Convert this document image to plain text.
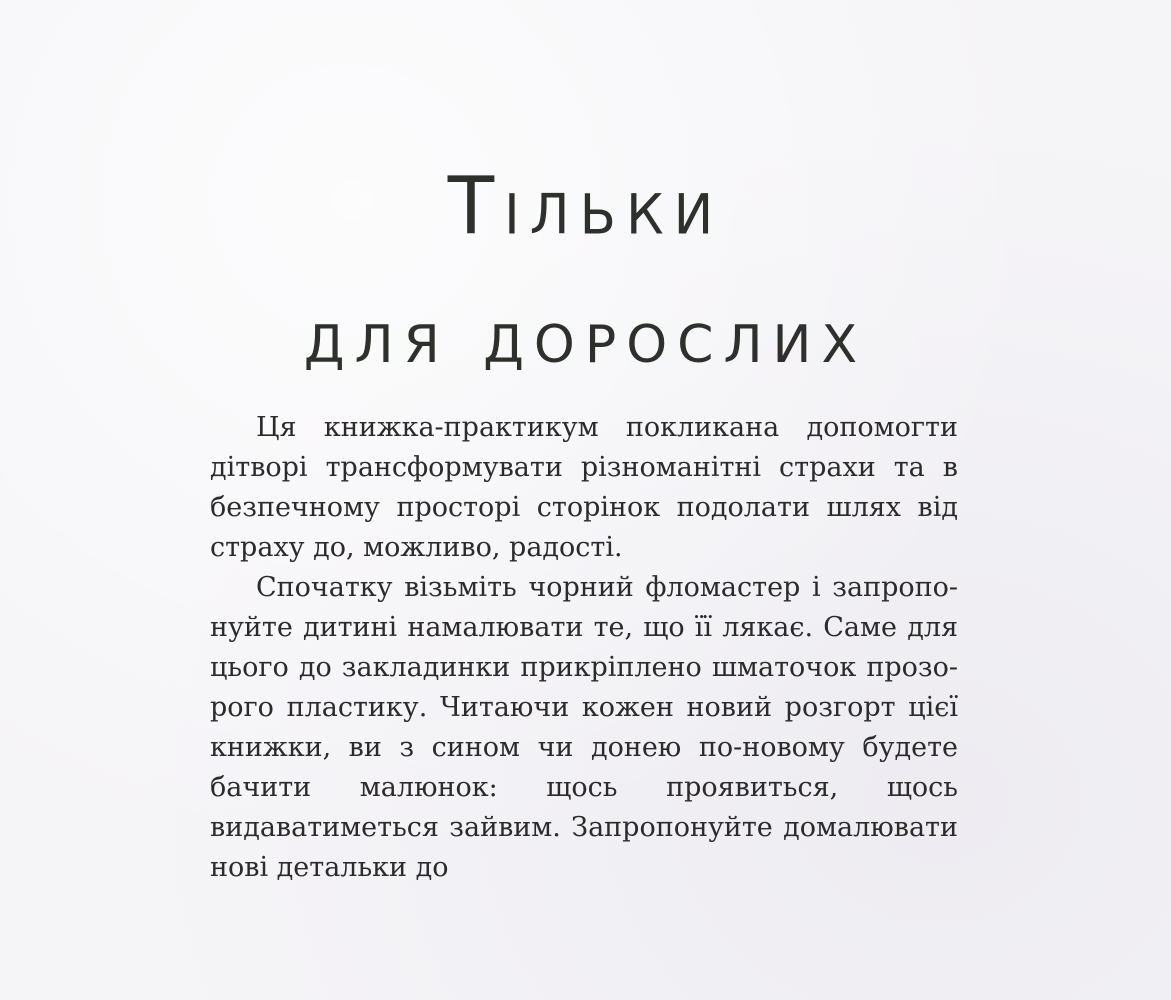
Тільки
для дорослих

Ця книжка-практикум покликана допомогти дітворі трансформувати різноманітні страхи та в безпечному просторі сторінок подолати шлях від страху до, можливо, радості.

Спочатку візьміть чорний фломастер і запропонуйте дитині намалювати те, що її лякає. Саме для цього до закладинки прикріплено шматочок прозорого пластику. Читаючи кожен новий розгорт цієї книжки, ви з сином чи донею по-новому будете бачити малюнок: щось проявиться, щось видаватиметься зайвим. Запропонуйте домалювати нові детальки до
